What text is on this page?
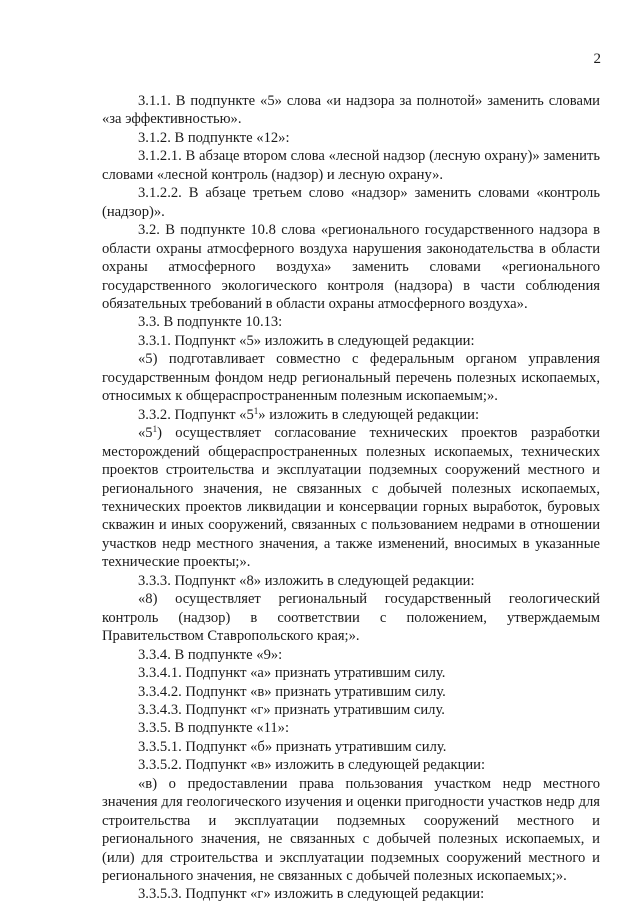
2

3.1.1. В подпункте «5» слова «и надзора за полнотой» заменить словами «за эффективностью».

3.1.2. В подпункте «12»:

3.1.2.1. В абзаце втором слова «лесной надзор (лесную охрану)» заменить словами «лесной контроль (надзор) и лесную охрану».

3.1.2.2. В абзаце третьем слово «надзор» заменить словами «контроль (надзор)».

3.2. В подпункте 10.8 слова «регионального государственного надзора в области охраны атмосферного воздуха нарушения законодательства в области охраны атмосферного воздуха» заменить словами «регионального государственного экологического контроля (надзора) в части соблюдения обязательных требований в области охраны атмосферного воздуха».

3.3. В подпункте 10.13:

3.3.1. Подпункт «5» изложить в следующей редакции:

«5) подготавливает совместно с федеральным органом управления государственным фондом недр региональный перечень полезных ископаемых, относимых к общераспространенным полезным ископаемым;».

3.3.2. Подпункт «$5^1$» изложить в следующей редакции:

«$5^1$) осуществляет согласование технических проектов разработки месторождений общераспространенных полезных ископаемых, технических проектов строительства и эксплуатации подземных сооружений местного и регионального значения, не связанных с добычей полезных ископаемых, технических проектов ликвидации и консервации горных выработок, буровых скважин и иных сооружений, связанных с пользованием недрами в отношении участков недр местного значения, а также изменений, вносимых в указанные технические проекты;».

3.3.3. Подпункт «8» изложить в следующей редакции:

«8) осуществляет региональный государственный геологический контроль (надзор) в соответствии с положением, утверждаемым Правительством Ставропольского края;».

3.3.4. В подпункте «9»:

3.3.4.1. Подпункт «а» признать утратившим силу.

3.3.4.2. Подпункт «в» признать утратившим силу.

3.3.4.3. Подпункт «г» признать утратившим силу.

3.3.5. В подпункте «11»:

3.3.5.1. Подпункт «б» признать утратившим силу.

3.3.5.2. Подпункт «в» изложить в следующей редакции:

«в) о предоставлении права пользования участком недр местного значения для геологического изучения и оценки пригодности участков недр для строительства и эксплуатации подземных сооружений местного и регионального значения, не связанных с добычей полезных ископаемых, и (или) для строительства и эксплуатации подземных сооружений местного и регионального значения, не связанных с добычей полезных ископаемых;».

3.3.5.3. Подпункт «г» изложить в следующей редакции:
